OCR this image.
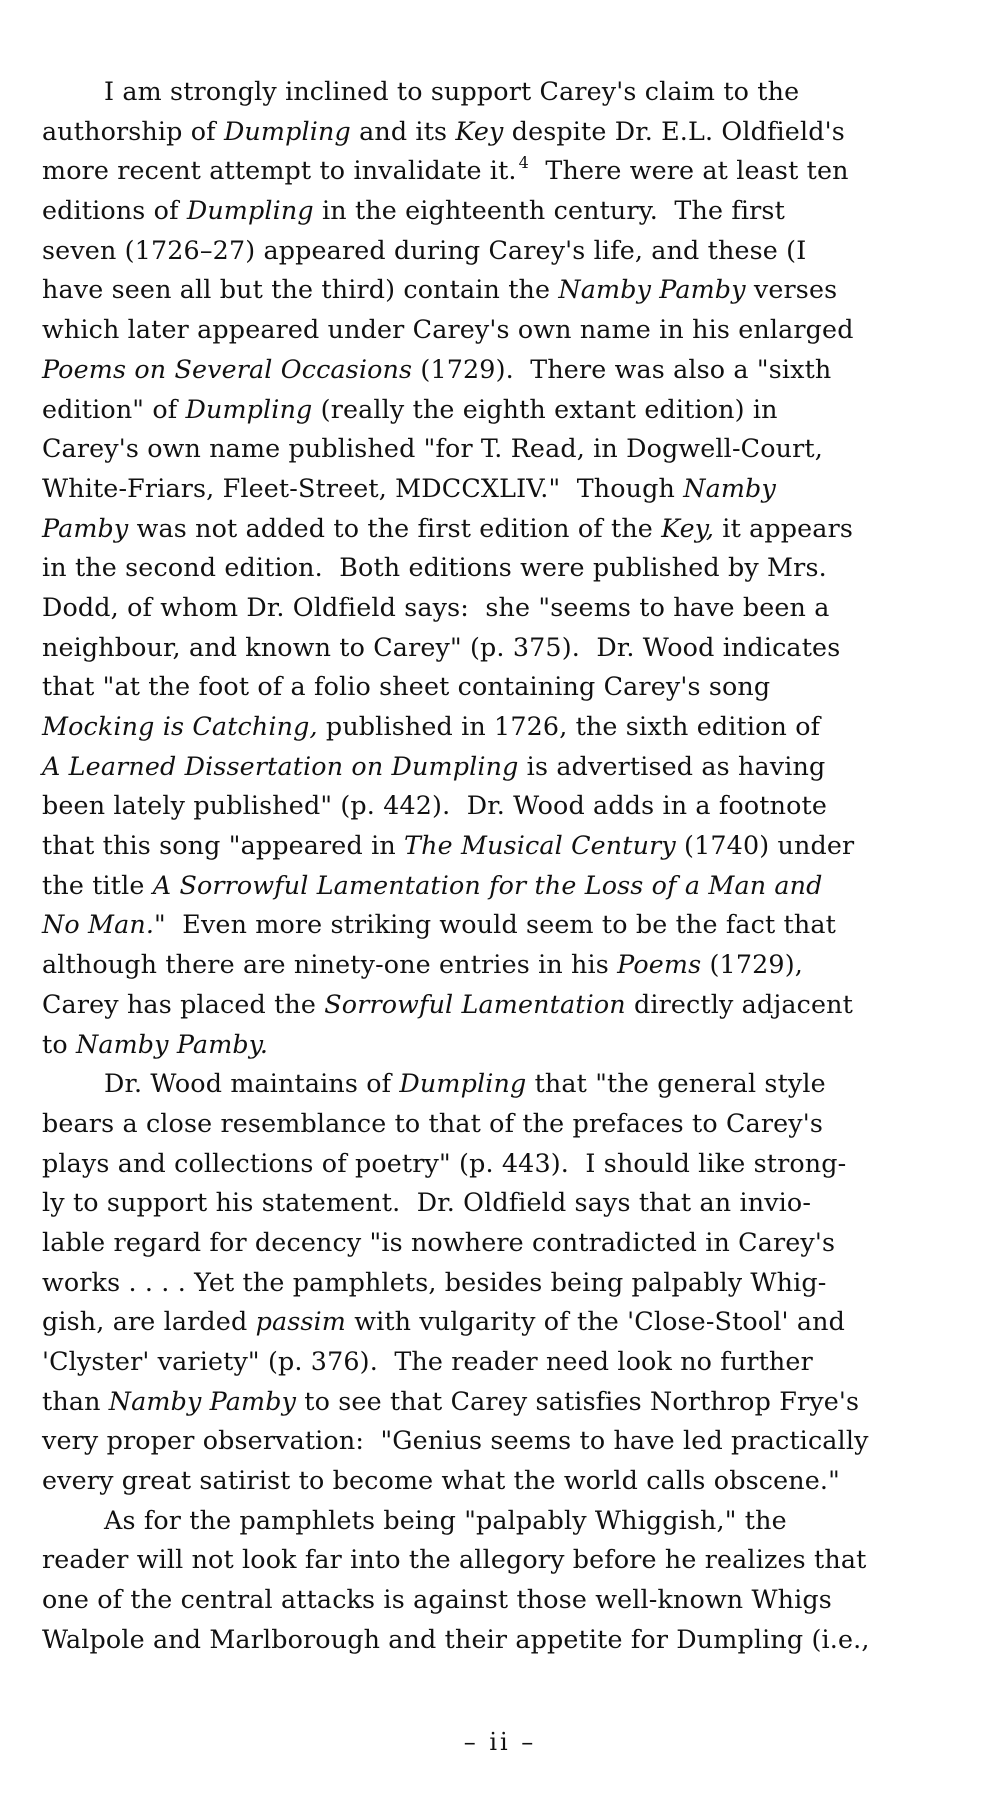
I am strongly inclined to support Carey's claim to the
authorship of Dumpling and its Key despite Dr. E.L. Oldfield's
more recent attempt to invalidate it. $^4$  There were at least ten
editions of Dumpling in the eighteenth century.  The first
seven (1726–27) appeared during Carey's life, and these (I
have seen all but the third) contain the Namby Pamby verses
which later appeared under Carey's own name in his enlarged
Poems on Several Occasions (1729).  There was also a "sixth
edition" of Dumpling (really the eighth extant edition) in
Carey's own name published "for T. Read, in Dogwell-Court,
White-Friars, Fleet-Street, MDCCXLIV."  Though Namby
Pamby was not added to the first edition of the Key, it appears
in the second edition.  Both editions were published by Mrs.
Dodd, of whom Dr. Oldfield says:  she "seems to have been a
neighbour, and known to Carey" (p. 375).  Dr. Wood indicates
that "at the foot of a folio sheet containing Carey's song
Mocking is Catching, published in 1726, the sixth edition of
A Learned Dissertation on Dumpling is advertised as having
been lately published" (p. 442).  Dr. Wood adds in a footnote
that this song "appeared in The Musical Century (1740) under
the title A Sorrowful Lamentation for the Loss of a Man and
No Man."  Even more striking would seem to be the fact that
although there are ninety-one entries in his Poems (1729),
Carey has placed the Sorrowful Lamentation directly adjacent
to Namby Pamby.
Dr. Wood maintains of Dumpling that "the general style
bears a close resemblance to that of the prefaces to Carey's
plays and collections of poetry" (p. 443).  I should like strong-
ly to support his statement.  Dr. Oldfield says that an invio-
lable regard for decency "is nowhere contradicted in Carey's
works . . . . Yet the pamphlets, besides being palpably Whig-
gish, are larded passim with vulgarity of the 'Close-Stool' and
'Clyster' variety" (p. 376).  The reader need look no further
than Namby Pamby to see that Carey satisfies Northrop Frye's
very proper observation:  "Genius seems to have led practically
every great satirist to become what the world calls obscene."
As for the pamphlets being "palpably Whiggish," the
reader will not look far into the allegory before he realizes that
one of the central attacks is against those well-known Whigs
Walpole and Marlborough and their appetite for Dumpling (i.e.,
– ii –
